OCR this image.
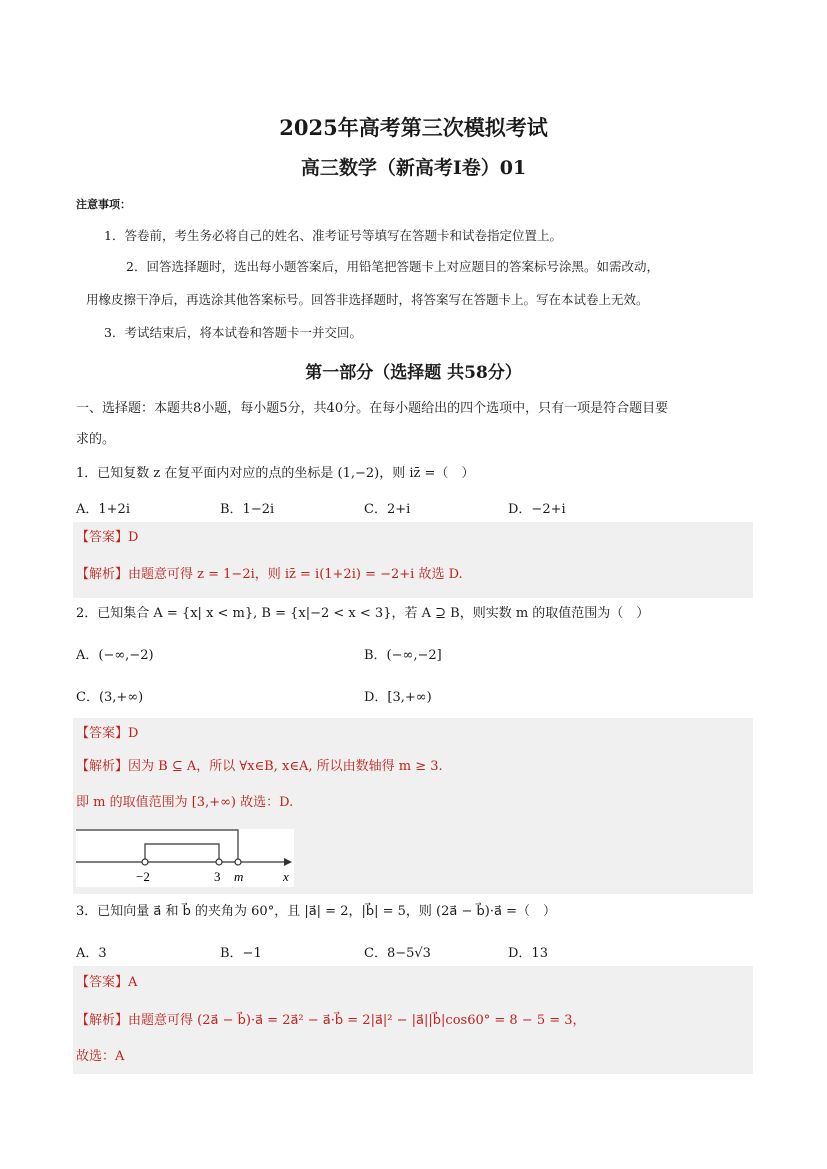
2025年高考第三次模拟考试
高三数学（新高考I卷）01
注意事项：
1．答卷前，考生务必将自己的姓名、准考证号等填写在答题卡和试卷指定位置上。
2．回答选择题时，选出每小题答案后，用铅笔把答题卡上对应题目的答案标号涂黑。如需改动，
用橡皮擦干净后，再选涂其他答案标号。回答非选择题时，将答案写在答题卡上。写在本试卷上无效。
3．考试结束后，将本试卷和答题卡一并交回。
第一部分（选择题 共58分）
一、选择题：本题共8小题，每小题5分，共40分。在每小题给出的四个选项中，只有一项是符合题目要
求的。
1．已知复数 z 在复平面内对应的点的坐标是 (1,−2)，则 iz̄ =（　）
A．1+2i	B．1−2i	C．2+i	D．−2+i
【答案】D
【解析】由题意可得 z = 1−2i，则 iz̄ = i(1+2i) = −2+i 故选 D.
2．已知集合 A = {x| x < m}, B = {x|−2 < x < 3}，若 A ⊇ B，则实数 m 的取值范围为（　）
A．(−∞,−2)	B．(−∞,−2]
C．(3,+∞)	D．[3,+∞)
【答案】D
【解析】因为 B ⊆ A，所以 ∀x∈B, x∈A, 所以由数轴得 m ≥ 3.
即 m 的取值范围为 [3,+∞) 故选：D.
−2	3 m	x
3．已知向量 a⃗ 和 b⃗ 的夹角为 60°，且 |a⃗| = 2，|b⃗| = 5，则 (2a⃗ − b⃗)·a⃗ =（　）
A．3	B．−1	C．8−5√3	D．13
【答案】A
【解析】由题意可得 (2a⃗ − b⃗)·a⃗ = 2a⃗² − a⃗·b⃗ = 2|a⃗|² − |a⃗||b⃗|cos60° = 8 − 5 = 3，
故选：A
